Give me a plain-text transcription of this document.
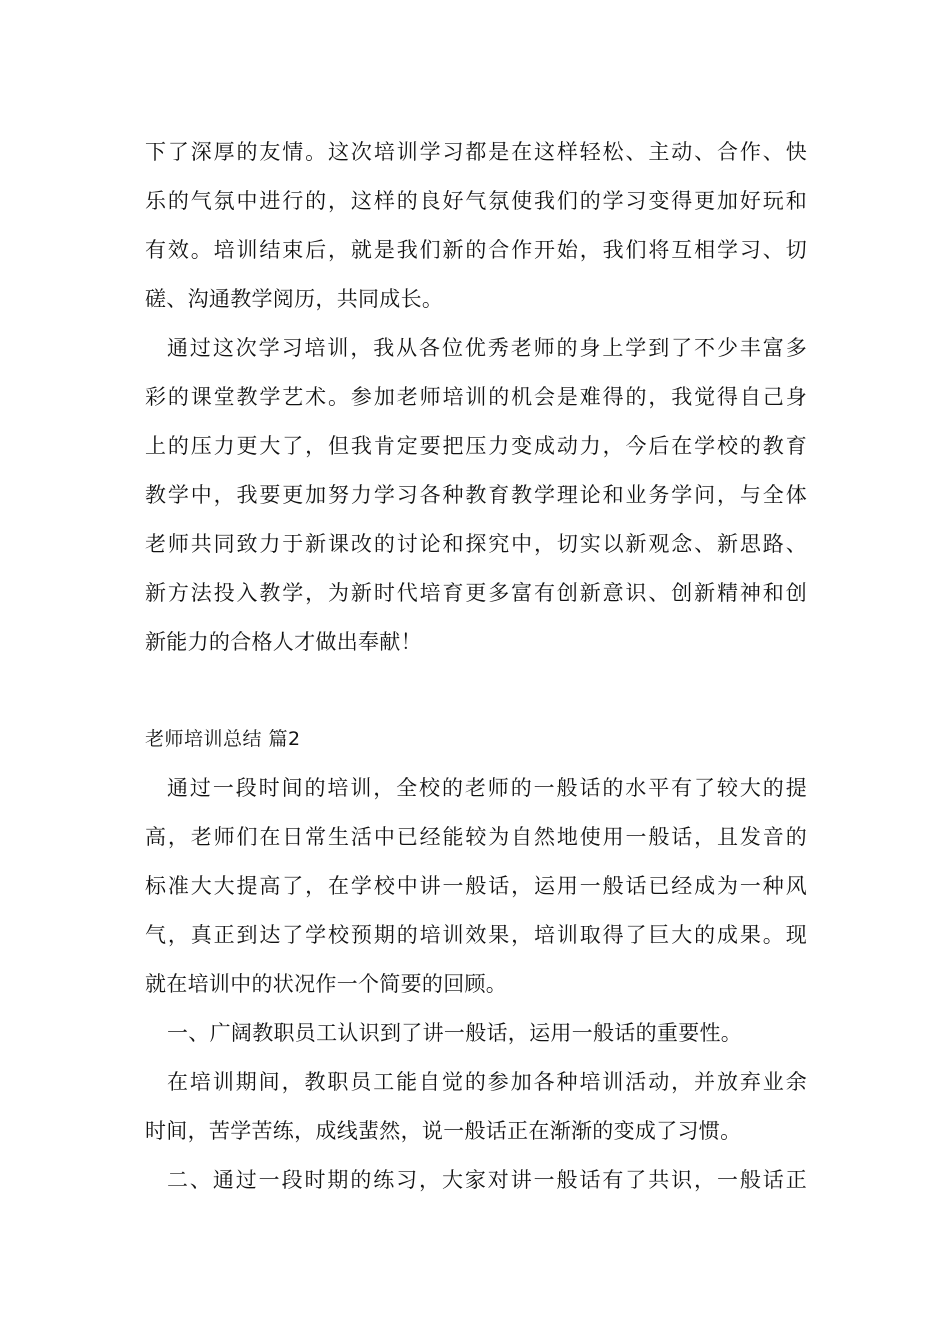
下了深厚的友情。这次培训学习都是在这样轻松、主动、合作、快
乐的气氛中进行的，这样的良好气氛使我们的学习变得更加好玩和
有效。培训结束后，就是我们新的合作开始，我们将互相学习、切
磋、沟通教学阅历，共同成长。
通过这次学习培训，我从各位优秀老师的身上学到了不少丰富多
彩的课堂教学艺术。参加老师培训的机会是难得的，我觉得自己身
上的压力更大了，但我肯定要把压力变成动力，今后在学校的教育
教学中，我要更加努力学习各种教育教学理论和业务学问，与全体
老师共同致力于新课改的讨论和探究中，切实以新观念、新思路、
新方法投入教学，为新时代培育更多富有创新意识、创新精神和创
新能力的合格人才做出奉献！
老师培训总结 篇2
通过一段时间的培训，全校的老师的一般话的水平有了较大的提
高，老师们在日常生活中已经能较为自然地使用一般话，且发音的
标准大大提高了，在学校中讲一般话，运用一般话已经成为一种风
气，真正到达了学校预期的培训效果，培训取得了巨大的成果。现
就在培训中的状况作一个简要的回顾。
一、广阔教职员工认识到了讲一般话，运用一般话的重要性。
在培训期间，教职员工能自觉的参加各种培训活动，并放弃业余
时间，苦学苦练，成线蜚然，说一般话正在渐渐的变成了习惯。
二、通过一段时期的练习，大家对讲一般话有了共识，一般话正
